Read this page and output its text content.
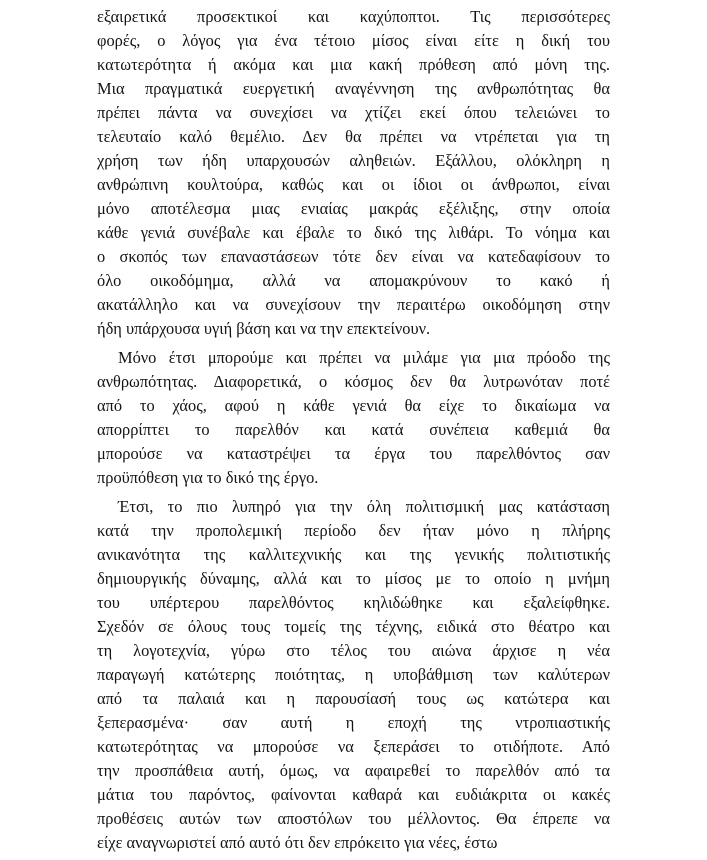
εξαιρετικά προσεκτικοί και καχύποπτοι. Τις περισσότερες
φορές, ο λόγος για ένα τέτοιο μίσος είναι είτε η δική του
κατωτερότητα ή ακόμα και μια κακή πρόθεση από μόνη της.
Μια πραγματικά ευεργετική αναγέννηση της ανθρωπότητας θα
πρέπει πάντα να συνεχίσει να χτίζει εκεί όπου τελειώνει το
τελευταίο καλό θεμέλιο. Δεν θα πρέπει να ντρέπεται για τη
χρήση των ήδη υπαρχουσών αληθειών. Εξάλλου, ολόκληρη η
ανθρώπινη κουλτούρα, καθώς και οι ίδιοι οι άνθρωποι, είναι
μόνο αποτέλεσμα μιας ενιαίας μακράς εξέλιξης, στην οποία
κάθε γενιά συνέβαλε και έβαλε το δικό της λιθάρι. Το νόημα και
ο σκοπός των επαναστάσεων τότε δεν είναι να κατεδαφίσουν το
όλο οικοδόμημα, αλλά να απομακρύνουν το κακό ή
ακατάλληλο και να συνεχίσουν την περαιτέρω οικοδόμηση στην
ήδη υπάρχουσα υγιή βάση και να την επεκτείνουν.
Μόνο έτσι μπορούμε και πρέπει να μιλάμε για μια πρόοδο της
ανθρωπότητας. Διαφορετικά, ο κόσμος δεν θα λυτρωνόταν ποτέ
από το χάος, αφού η κάθε γενιά θα είχε το δικαίωμα να
απορρίπτει το παρελθόν και κατά συνέπεια καθεμιά θα
μπορούσε να καταστρέψει τα έργα του παρελθόντος σαν
προϋπόθεση για το δικό της έργο.
Έτσι, το πιο λυπηρό για την όλη πολιτισμική μας κατάσταση
κατά την προπολεμική περίοδο δεν ήταν μόνο η πλήρης
ανικανότητα της καλλιτεχνικής και της γενικής πολιτιστικής
δημιουργικής δύναμης, αλλά και το μίσος με το οποίο η μνήμη
του υπέρτερου παρελθόντος κηλιδώθηκε και εξαλείφθηκε.
Σχεδόν σε όλους τους τομείς της τέχνης, ειδικά στο θέατρο και
τη λογοτεχνία, γύρω στο τέλος του αιώνα άρχισε η νέα
παραγωγή κατώτερης ποιότητας, η υποβάθμιση των καλύτερων
από τα παλαιά και η παρουσίασή τους ως κατώτερα και
ξεπερασμένα· σαν αυτή η εποχή της ντροπιαστικής
κατωτερότητας να μπορούσε να ξεπεράσει το οτιδήποτε. Από
την προσπάθεια αυτή, όμως, να αφαιρεθεί το παρελθόν από τα
μάτια του παρόντος, φαίνονται καθαρά και ευδιάκριτα οι κακές
προθέσεις αυτών των αποστόλων του μέλλοντος. Θα έπρεπε να
είχε αναγνωριστεί από αυτό ότι δεν επρόκειτο για νέες, έστω
